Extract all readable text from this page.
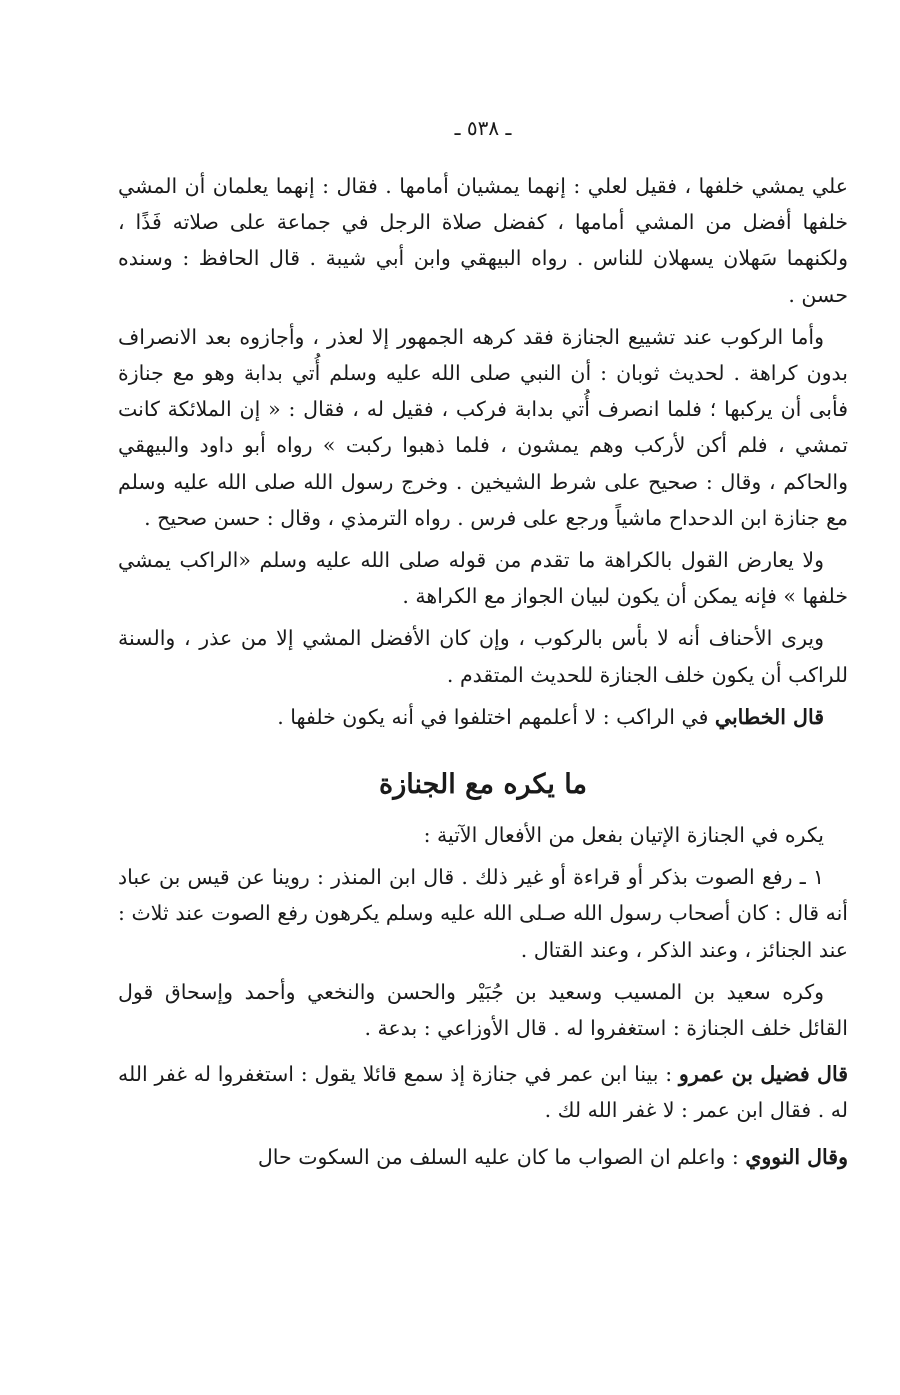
ـ ٥٣٨ ـ

علي يمشي خلفها ، فقيل لعلي : إنهما يمشيان أمامها . فقال : إنهما يعلمان أن المشي خلفها أفضل من المشي أمامها ، كفضل صلاة الرجل في جماعة على صلاته فَذًا ، ولكنهما سَهلان يسهلان للناس . رواه البيهقي وابن أبي شيبة . قال الحافظ : وسنده حسن .

وأما الركوب عند تشييع الجنازة فقد كرهه الجمهور إلا لعذر ، وأجازوه بعد الانصراف بدون كراهة . لحديث ثوبان : أن النبي صلى الله عليه وسلم أُتي بدابة وهو مع جنازة فأبى أن يركبها ؛ فلما انصرف أُتي بدابة فركب ، فقيل له ، فقال : « إن الملائكة كانت تمشي ، فلم أكن لأركب وهم يمشون ، فلما ذهبوا ركبت » رواه أبو داود والبيهقي والحاكم ، وقال : صحيح على شرط الشيخين . وخرج رسول الله صلى الله عليه وسلم مع جنازة ابن الدحداح ماشياً ورجع على فرس . رواه الترمذي ، وقال : حسن صحيح .

ولا يعارض القول بالكراهة ما تقدم من قوله صلى الله عليه وسلم «الراكب يمشي خلفها » فإنه يمكن أن يكون لبيان الجواز مع الكراهة .

ويرى الأحناف أنه لا بأس بالركوب ، وإن كان الأفضل المشي إلا من عذر ، والسنة للراكب أن يكون خلف الجنازة للحديث المتقدم .

قال الخطابي في الراكب : لا أعلمهم اختلفوا في أنه يكون خلفها .

ما يكره مع الجنازة

يكره في الجنازة الإتيان بفعل من الأفعال الآتية :

١ ـ رفع الصوت بذكر أو قراءة أو غير ذلك . قال ابن المنذر : روينا عن قيس بن عباد أنه قال : كان أصحاب رسول الله صـلى الله عليه وسلم يكرهون رفع الصوت عند ثلاث : عند الجنائز ، وعند الذكر ، وعند القتال .

وكره سعيد بن المسيب وسعيد بن جُبَيْر والحسن والنخعي وأحمد وإسحاق قول القائل خلف الجنازة : استغفروا له . قال الأوزاعي : بدعة .

قال فضيل بن عمرو : بينا ابن عمر في جنازة إذ سمع قائلا يقول : استغفروا له غفر الله له . فقال ابن عمر : لا غفر الله لك .

وقال النووي : واعلم ان الصواب ما كان عليه السلف من السكوت حال
